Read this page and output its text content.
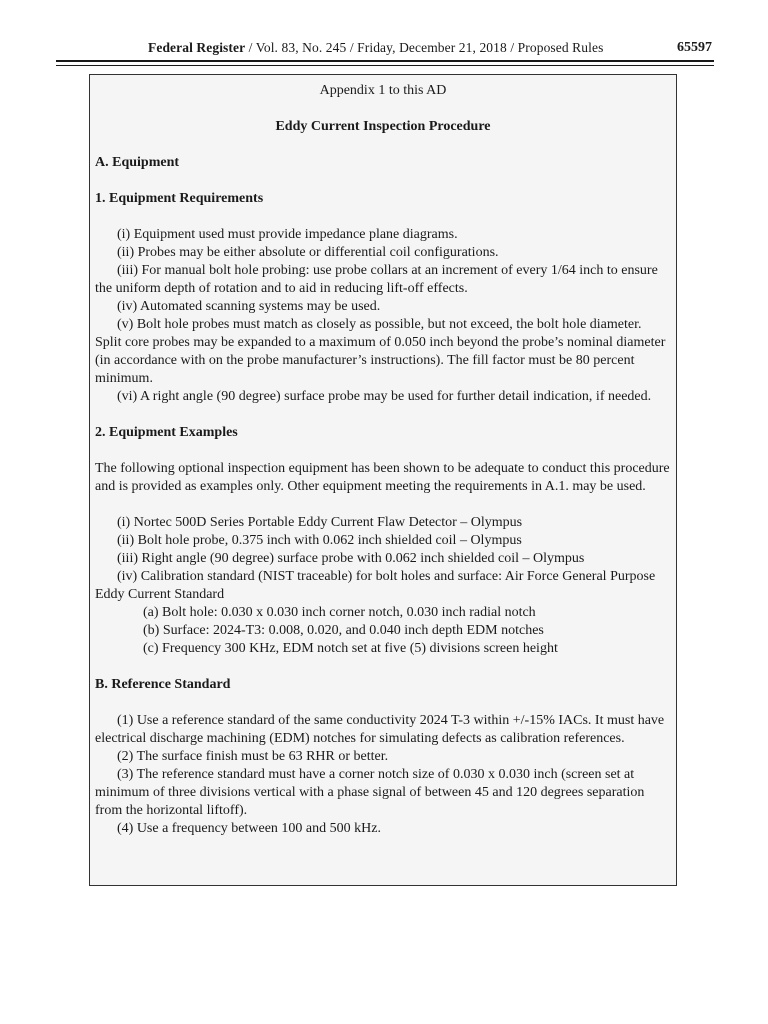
Federal Register / Vol. 83, No. 245 / Friday, December 21, 2018 / Proposed Rules	65597

Appendix 1 to this AD

Eddy Current Inspection Procedure

A. Equipment

1. Equipment Requirements

(i) Equipment used must provide impedance plane diagrams.

(ii) Probes may be either absolute or differential coil configurations.

(iii) For manual bolt hole probing: use probe collars at an increment of every 1/64 inch to ensure the uniform depth of rotation and to aid in reducing lift-off effects.

(iv) Automated scanning systems may be used.

(v) Bolt hole probes must match as closely as possible, but not exceed, the bolt hole diameter. Split core probes may be expanded to a maximum of 0.050 inch beyond the probe’s nominal diameter (in accordance with on the probe manufacturer’s instructions). The fill factor must be 80 percent minimum.

(vi) A right angle (90 degree) surface probe may be used for further detail indication, if needed.

2. Equipment Examples

The following optional inspection equipment has been shown to be adequate to conduct this procedure and is provided as examples only. Other equipment meeting the requirements in A.1. may be used.

(i) Nortec 500D Series Portable Eddy Current Flaw Detector – Olympus

(ii) Bolt hole probe, 0.375 inch with 0.062 inch shielded coil – Olympus

(iii) Right angle (90 degree) surface probe with 0.062 inch shielded coil – Olympus

(iv) Calibration standard (NIST traceable) for bolt holes and surface: Air Force General Purpose Eddy Current Standard

(a) Bolt hole: 0.030 x 0.030 inch corner notch, 0.030 inch radial notch

(b) Surface: 2024-T3: 0.008, 0.020, and 0.040 inch depth EDM notches

(c) Frequency 300 KHz, EDM notch set at five (5) divisions screen height

B. Reference Standard

(1) Use a reference standard of the same conductivity 2024 T-3 within +/-15% IACs. It must have electrical discharge machining (EDM) notches for simulating defects as calibration references.

(2) The surface finish must be 63 RHR or better.

(3) The reference standard must have a corner notch size of 0.030 x 0.030 inch (screen set at minimum of three divisions vertical with a phase signal of between 45 and 120 degrees separation from the horizontal liftoff).

(4) Use a frequency between 100 and 500 kHz.
